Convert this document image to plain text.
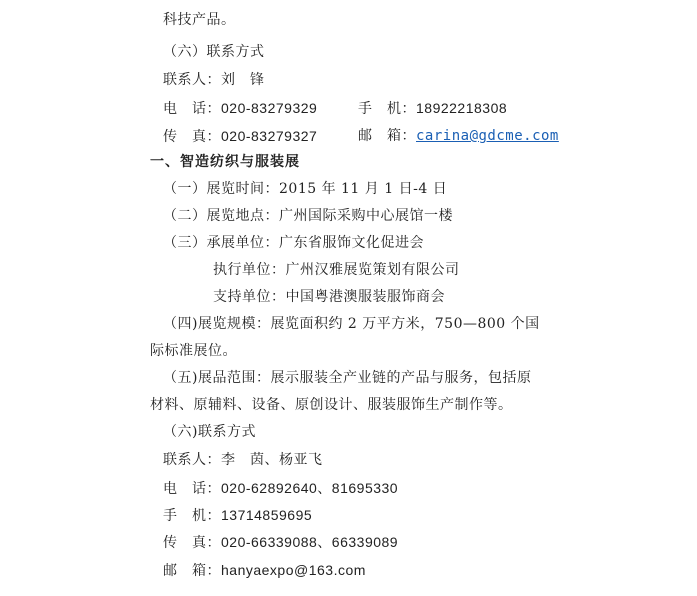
科技产品。
（六）联系方式
联系人：刘　锋
电　话：020-83279329	手　机：18922218308
传　真：020-83279327	邮　箱：carina@gdcme.com
一、智造纺织与服装展
（一）展览时间：2015 年 11 月 1 日-4 日
（二）展览地点：广州国际采购中心展馆一楼
（三）承展单位：广东省服饰文化促进会
执行单位：广州汉雅展览策划有限公司
支持单位：中国粤港澳服装服饰商会
（四)展览规模：展览面积约 2 万平方米，750—800 个国
际标准展位。
（五)展品范围：展示服装全产业链的产品与服务，包括原
材料、原辅料、设备、原创设计、服装服饰生产制作等。
（六)联系方式
联系人：李　茵、杨亚飞
电　话：020-62892640、81695330
手　机：13714859695
传　真：020-66339088、66339089
邮　箱：hanyaexpo@163.com
